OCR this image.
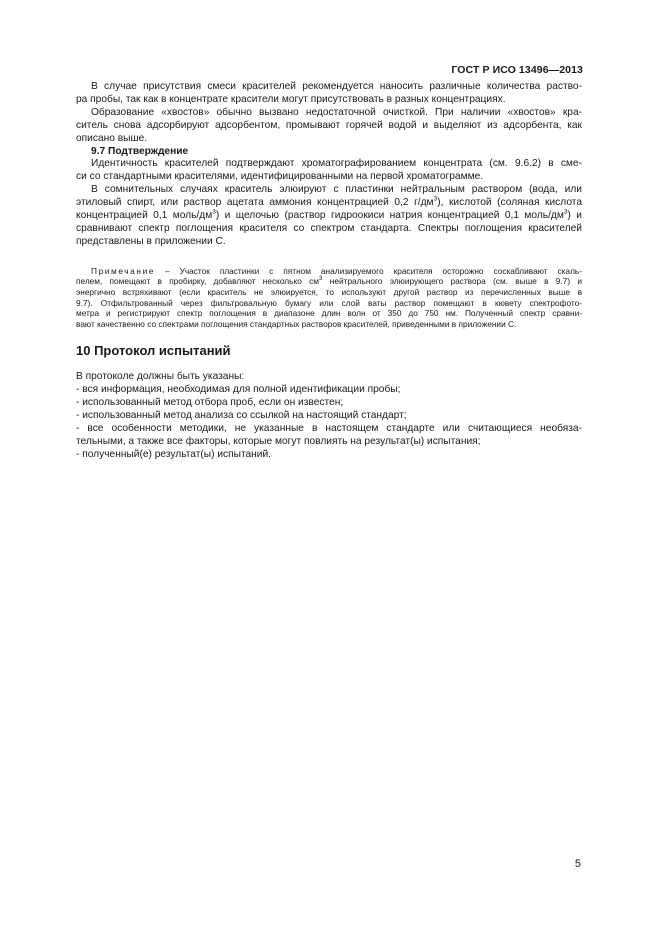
ГОСТ Р ИСО 13496—2013

В случае присутствия смеси красителей рекомендуется наносить различные количества раство-
ра пробы, так как в концентрате красители могут присутствовать в разных концентрациях.

Образование «хвостов» обычно вызвано недостаточной очисткой. При наличии «хвостов» кра-
ситель снова адсорбируют адсорбентом, промывают горячей водой и выделяют из адсорбента, как
описано выше.

9.7 Подтверждение

Идентичность красителей подтверждают хроматографированием концентрата (см. 9.6.2) в сме-
си со стандартными красителями, идентифицированными на первой хроматограмме.

В сомнительных случаях краситель элюируют с пластинки нейтральным раствором (вода, или
этиловый спирт, или раствор ацетата аммония концентрацией 0,2 $г/дм^3$), кислотой (соляная кислота
концентрацией 0,1 моль/$дм^3$) и щелочью (раствор гидроокиси натрия концентрацией 0,1 моль/$дм^3$) и
сравнивают спектр поглощения красителя со спектром стандарта. Спектры поглощения красителей
представлены в приложении С.

Примечание – Участок пластинки с пятном анализируемого красителя осторожно соскабливают скаль-
пелем, помещают в пробирку, добавляют несколько $см^3$ нейтрального элюирующего раствора (см. выше в 9.7) и
энергично встряхивают (если краситель не элюируется, то используют другой раствор из перечисленных выше в
9.7). Отфильтрованный через фильтровальную бумагу или слой ваты раствор помещают в кювету спектрофото-
метра и регистрируют спектр поглощения в диапазоне длин волн от 350 до 750 нм. Полученный спектр сравни-
вают качественно со спектрами поглощения стандартных растворов красителей, приведенными в приложении С.

10 Протокол испытаний

В протоколе должны быть указаны:
- вся информация, необходимая для полной идентификации пробы;
- использованный метод отбора проб, если он известен;
- использованный метод анализа со ссылкой на настоящий стандарт;
- все особенности методики, не указанные в настоящем стандарте или считающиеся необяза-
тельными, а также все факторы, которые могут повлиять на результат(ы) испытания;
- полученный(е) результат(ы) испытаний.
5
